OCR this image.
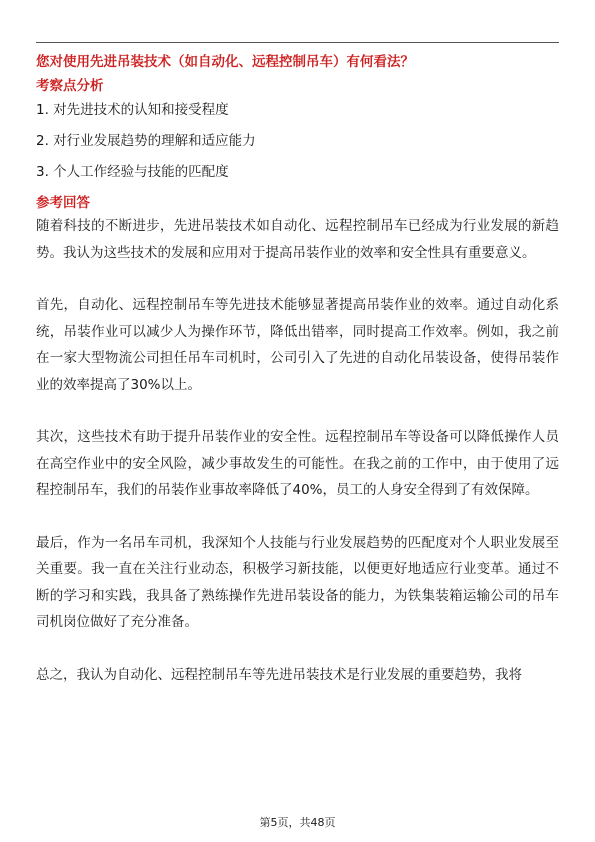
您对使用先进吊装技术（如自动化、远程控制吊车）有何看法？
考察点分析
1. 对先进技术的认知和接受程度
2. 对行业发展趋势的理解和适应能力
3. 个人工作经验与技能的匹配度
参考回答

随着科技的不断进步，先进吊装技术如自动化、远程控制吊车已经成为行业发展的新趋势。我认为这些技术的发展和应用对于提高吊装作业的效率和安全性具有重要意义。

首先，自动化、远程控制吊车等先进技术能够显著提高吊装作业的效率。通过自动化系统，吊装作业可以减少人为操作环节，降低出错率，同时提高工作效率。例如，我之前在一家大型物流公司担任吊车司机时，公司引入了先进的自动化吊装设备，使得吊装作业的效率提高了30%以上。

其次，这些技术有助于提升吊装作业的安全性。远程控制吊车等设备可以降低操作人员在高空作业中的安全风险，减少事故发生的可能性。在我之前的工作中，由于使用了远程控制吊车，我们的吊装作业事故率降低了40%，员工的人身安全得到了有效保障。

最后，作为一名吊车司机，我深知个人技能与行业发展趋势的匹配度对个人职业发展至关重要。我一直在关注行业动态，积极学习新技能，以便更好地适应行业变革。通过不断的学习和实践，我具备了熟练操作先进吊装设备的能力，为铁集装箱运输公司的吊车司机岗位做好了充分准备。

总之，我认为自动化、远程控制吊车等先进吊装技术是行业发展的重要趋势，我将

第5页，共48页
